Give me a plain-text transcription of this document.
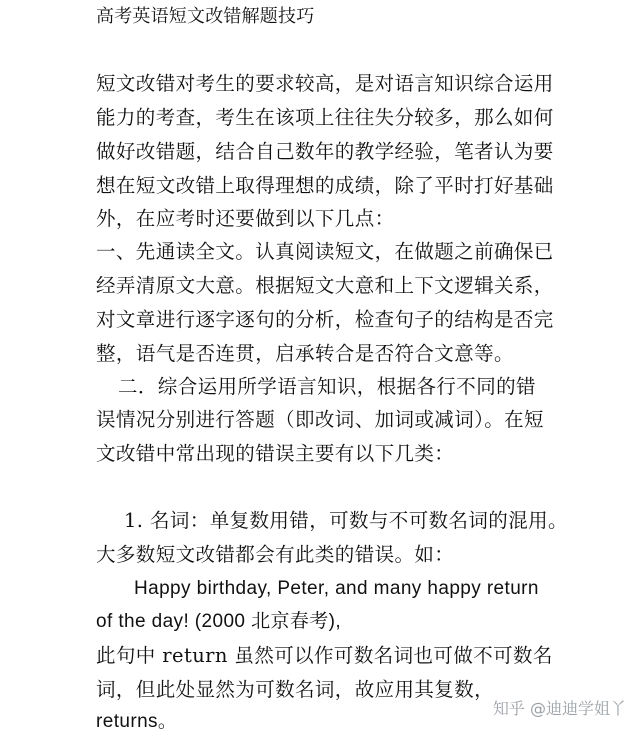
高考英语短文改错解题技巧
短文改错对考生的要求较高，是对语言知识综合运用
能力的考查，考生在该项上往往失分较多，那么如何
做好改错题，结合自己数年的教学经验，笔者认为要
想在短文改错上取得理想的成绩，除了平时打好基础
外，在应考时还要做到以下几点：
一、先通读全文。认真阅读短文，在做题之前确保已
经弄清原文大意。根据短文大意和上下文逻辑关系，
对文章进行逐字逐句的分析，检查句子的结构是否完
整，语气是否连贯，启承转合是否符合文意等。
二．综合运用所学语言知识，根据各行不同的错
误情况分别进行答题（即改词、加词或减词）。在短
文改错中常出现的错误主要有以下几类：
1. 名词：单复数用错，可数与不可数名词的混用。
大多数短文改错都会有此类的错误。如：
Happy birthday, Peter, and many happy return
of the day! (2000 北京春考),
此句中 return 虽然可以作可数名词也可做不可数名
词，但此处显然为可数名词，故应用其复数，
returns。
知乎 @迪迪学姐丫
